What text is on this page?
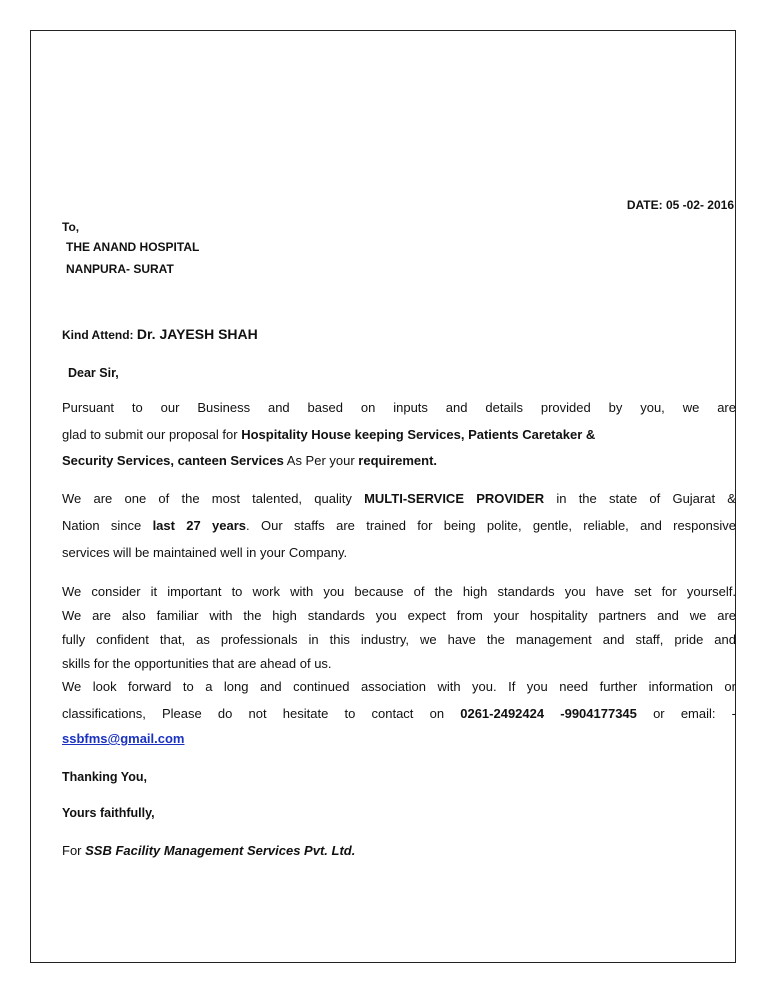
DATE: 05 -02- 2016
To,
THE ANAND HOSPITAL
NANPURA- SURAT
Kind Attend: Dr. JAYESH SHAH
Dear Sir,
Pursuant to our Business and based on inputs and details provided by you, we are
glad to submit our proposal for Hospitality House keeping Services, Patients Caretaker &
Security Services, canteen Services As Per your requirement.
We are one of the most talented, quality MULTI-SERVICE PROVIDER in the state of Gujarat &
Nation since last 27 years. Our staffs are trained for being polite, gentle, reliable, and responsive
services will be maintained well in your Company.
We consider it important to work with you because of the high standards you have set for yourself.
We are also familiar with the high standards you expect from your hospitality partners and we are
fully confident that, as professionals in this industry, we have the management and staff, pride and
skills for the opportunities that are ahead of us.
We look forward to a long and continued association with you. If you need further information or
classifications, Please do not hesitate to contact on 0261-2492424 -9904177345 or email: -
ssbfms@gmail.com
Thanking You,
Yours faithfully,
For SSB Facility Management Services Pvt. Ltd.
